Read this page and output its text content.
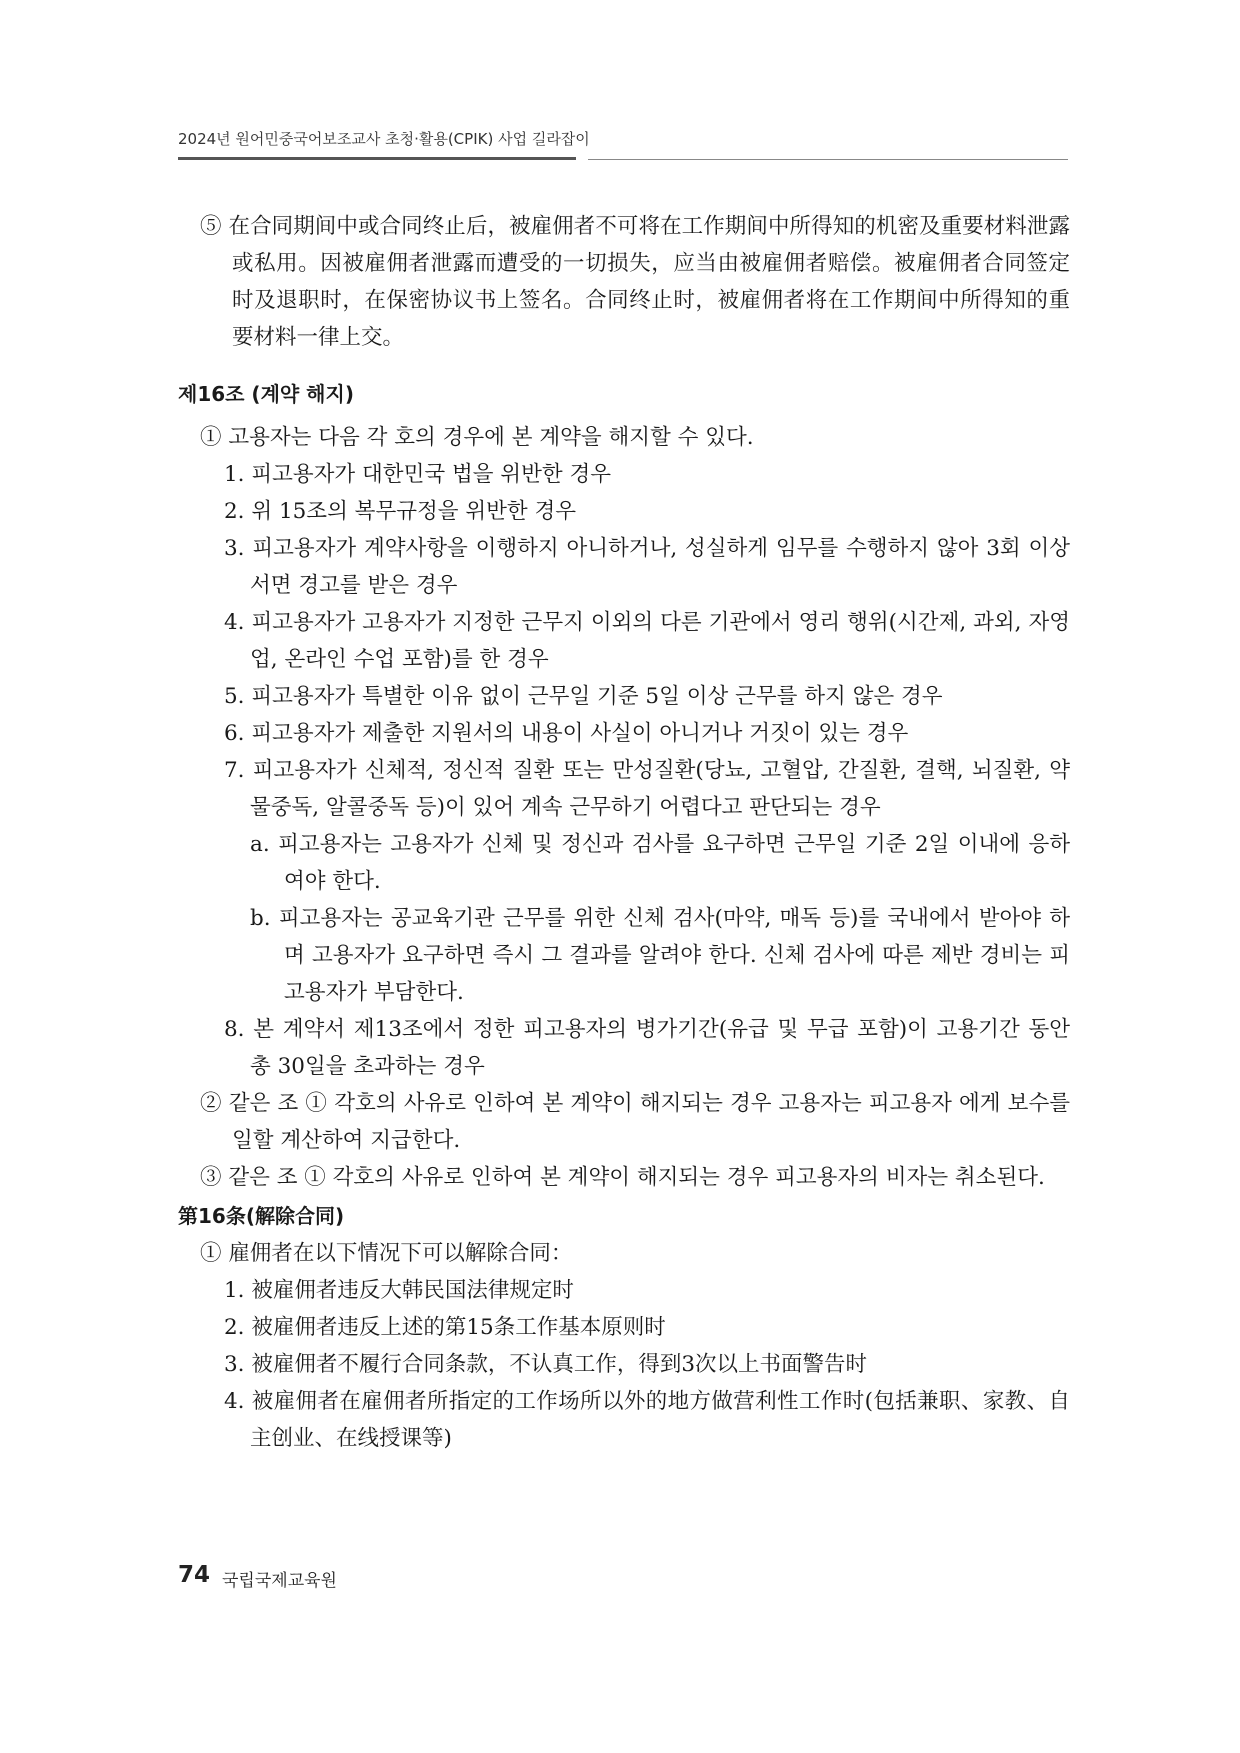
2024년 원어민중국어보조교사 초청·활용(CPIK) 사업 길라잡이
⑤ 在合同期间中或合同终止后，被雇佣者不可将在工作期间中所得知的机密及重要材料泄露或私用。因被雇佣者泄露而遭受的一切损失，应当由被雇佣者赔偿。被雇佣者合同签定时及退职时，在保密协议书上签名。合同终止时，被雇佣者将在工作期间中所得知的重要材料一律上交。
제16조 (계약 해지)
① 고용자는 다음 각 호의 경우에 본 계약을 해지할 수 있다.
1. 피고용자가 대한민국 법을 위반한 경우
2. 위 15조의 복무규정을 위반한 경우
3. 피고용자가 계약사항을 이행하지 아니하거나, 성실하게 임무를 수행하지 않아 3회 이상 서면 경고를 받은 경우
4. 피고용자가 고용자가 지정한 근무지 이외의 다른 기관에서 영리 행위(시간제, 과외, 자영업, 온라인 수업 포함)를 한 경우
5. 피고용자가 특별한 이유 없이 근무일 기준 5일 이상 근무를 하지 않은 경우
6. 피고용자가 제출한 지원서의 내용이 사실이 아니거나 거짓이 있는 경우
7. 피고용자가 신체적, 정신적 질환 또는 만성질환(당뇨, 고혈압, 간질환, 결핵, 뇌질환, 약물중독, 알콜중독 등)이 있어 계속 근무하기 어렵다고 판단되는 경우
a. 피고용자는 고용자가 신체 및 정신과 검사를 요구하면 근무일 기준 2일 이내에 응하여야 한다.
b. 피고용자는 공교육기관 근무를 위한 신체 검사(마약, 매독 등)를 국내에서 받아야 하며 고용자가 요구하면 즉시 그 결과를 알려야 한다. 신체 검사에 따른 제반 경비는 피고용자가 부담한다.
8. 본 계약서 제13조에서 정한 피고용자의 병가기간(유급 및 무급 포함)이 고용기간 동안 총 30일을 초과하는 경우
② 같은 조 ① 각호의 사유로 인하여 본 계약이 해지되는 경우 고용자는 피고용자 에게 보수를 일할 계산하여 지급한다.
③ 같은 조 ① 각호의 사유로 인하여 본 계약이 해지되는 경우 피고용자의 비자는 취소된다.
第16条(解除合同)
① 雇佣者在以下情况下可以解除合同：
1. 被雇佣者违反大韩民国法律规定时
2. 被雇佣者违反上述的第15条工作基本原则时
3. 被雇佣者不履行合同条款，不认真工作，得到3次以上书面警告时
4. 被雇佣者在雇佣者所指定的工作场所以外的地方做营利性工作时(包括兼职、家教、自主创业、在线授课等)
74 국립국제교육원
